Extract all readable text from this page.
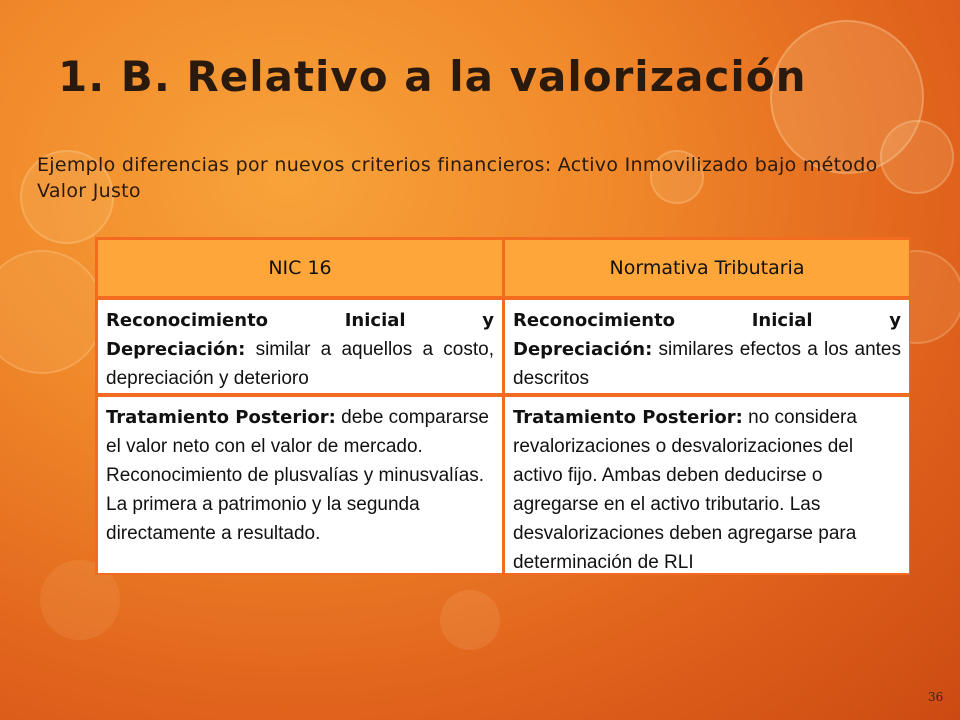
1. B. Relativo a la valorización

Ejemplo diferencias por nuevos criterios financieros: Activo Inmovilizado bajo método Valor Justo

NIC 16	Normativa Tributaria
Reconocimiento Inicial y Depreciación: similar a aquellos a costo, depreciación y deterioro
Reconocimiento Inicial y Depreciación: similares efectos a los antes descritos
Tratamiento Posterior: debe compararse el valor neto con el valor de mercado. Reconocimiento de plusvalías y minusvalías. La primera a patrimonio y la segunda directamente a resultado.
Tratamiento Posterior: no considera revalorizaciones o desvalorizaciones del activo fijo. Ambas deben deducirse o agregarse en el activo tributario. Las desvalorizaciones deben agregarse para determinación de RLI
36
